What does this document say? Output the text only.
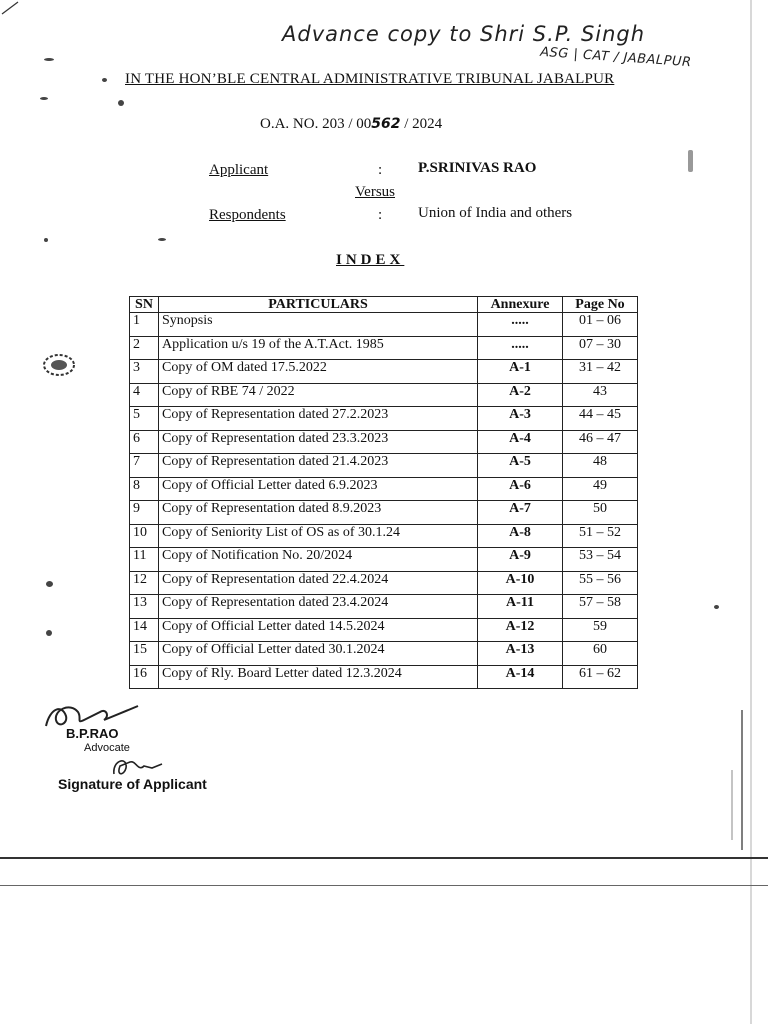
Advance copy to Shri S.P. Singh
ASG | CAT / JABALPUR
IN THE HON’BLE CENTRAL ADMINISTRATIVE TRIBUNAL JABALPUR
O.A. NO. 203 / 00562 / 2024
Applicant	: P.SRINIVAS RAO
Versus
Respondents	: Union of India and others
INDEX
SN	PARTICULARS	Annexure	Page No
1	Synopsis	.....	01 – 06
2	Application u/s 19 of the A.T.Act. 1985	.....	07 – 30
3	Copy of OM dated 17.5.2022	A-1	31 – 42
4	Copy of RBE 74 / 2022	A-2	43
5	Copy of Representation dated 27.2.2023	A-3	44 – 45
6	Copy of Representation dated 23.3.2023	A-4	46 – 47
7	Copy of Representation dated 21.4.2023	A-5	48
8	Copy of Official Letter dated 6.9.2023	A-6	49
9	Copy of Representation dated 8.9.2023	A-7	50
10	Copy of Seniority List of OS as of 30.1.24	A-8	51 – 52
11	Copy of Notification No. 20/2024	A-9	53 – 54
12	Copy of Representation dated 22.4.2024	A-10	55 – 56
13	Copy of Representation dated 23.4.2024	A-11	57 – 58
14	Copy of Official Letter dated 14.5.2024	A-12	59
15	Copy of Official Letter dated 30.1.2024	A-13	60
16	Copy of Rly. Board Letter dated 12.3.2024	A-14	61 – 62
B.P.RAO
Advocate
Signature of Applicant
